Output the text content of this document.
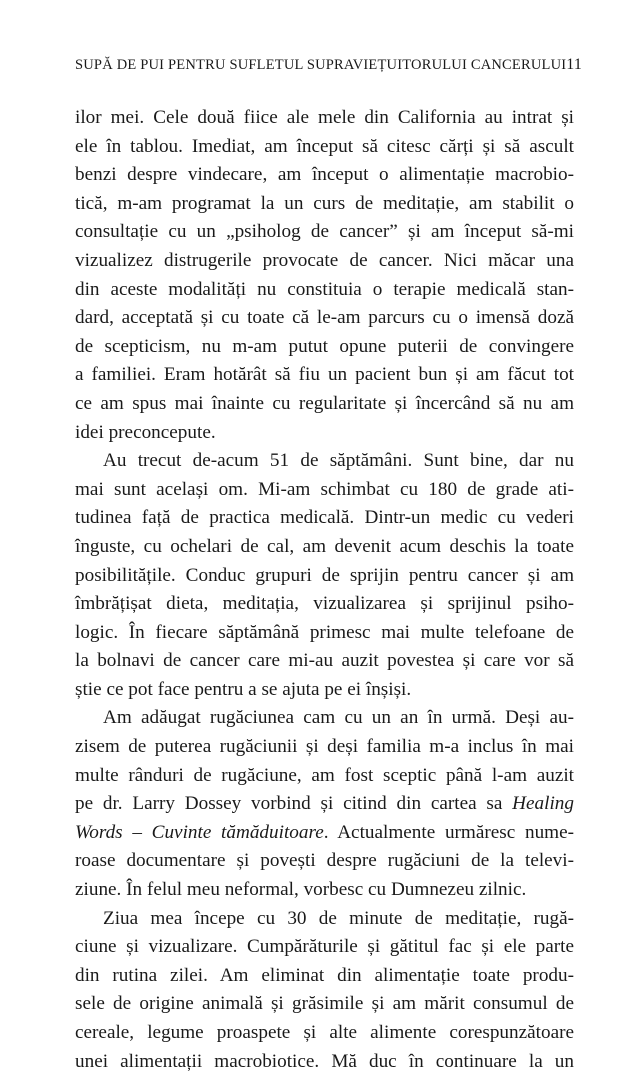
SUPĂ DE PUI PENTRU SUFLETUL SUPRAVIEȚUITORULUI CANCERULUI 11
ilor mei. Cele două fiice ale mele din California au intrat și
ele în tablou. Imediat, am început să citesc cărți și să ascult
benzi despre vindecare, am început o alimentație macrobio-
tică, m-am programat la un curs de meditație, am stabilit o
consultație cu un „psiholog de cancer” și am început să-mi
vizualizez distrugerile provocate de cancer. Nici măcar una
din aceste modalități nu constituia o terapie medicală stan-
dard, acceptată și cu toate că le-am parcurs cu o imensă doză
de scepticism, nu m-am putut opune puterii de convingere
a familiei. Eram hotărât să fiu un pacient bun și am făcut tot
ce am spus mai înainte cu regularitate și încercând să nu am
idei preconcepute.
Au trecut de-acum 51 de săptămâni. Sunt bine, dar nu
mai sunt același om. Mi-am schimbat cu 180 de grade ati-
tudinea față de practica medicală. Dintr-un medic cu vederi
înguste, cu ochelari de cal, am devenit acum deschis la toate
posibilitățile. Conduc grupuri de sprijin pentru cancer și am
îmbrățișat dieta, meditația, vizualizarea și sprijinul psiho-
logic. În fiecare săptămână primesc mai multe telefoane de
la bolnavi de cancer care mi-au auzit povestea și care vor să
știe ce pot face pentru a se ajuta pe ei înșiși.
Am adăugat rugăciunea cam cu un an în urmă. Deși au-
zisem de puterea rugăciunii și deși familia m-a inclus în mai
multe rânduri de rugăciune, am fost sceptic până l-am auzit
pe dr. Larry Dossey vorbind și citind din cartea sa Healing
Words – Cuvinte tămăduitoare. Actualmente urmăresc nume-
roase documentare și povești despre rugăciuni de la televi-
ziune. În felul meu neformal, vorbesc cu Dumnezeu zilnic.
Ziua mea începe cu 30 de minute de meditație, rugă-
ciune și vizualizare. Cumpărăturile și gătitul fac și ele parte
din rutina zilei. Am eliminat din alimentație toate produ-
sele de origine animală și grăsimile și am mărit consumul de
cereale, legume proaspete și alte alimente corespunzătoare
unei alimentații macrobiotice. Mă duc în continuare la un
